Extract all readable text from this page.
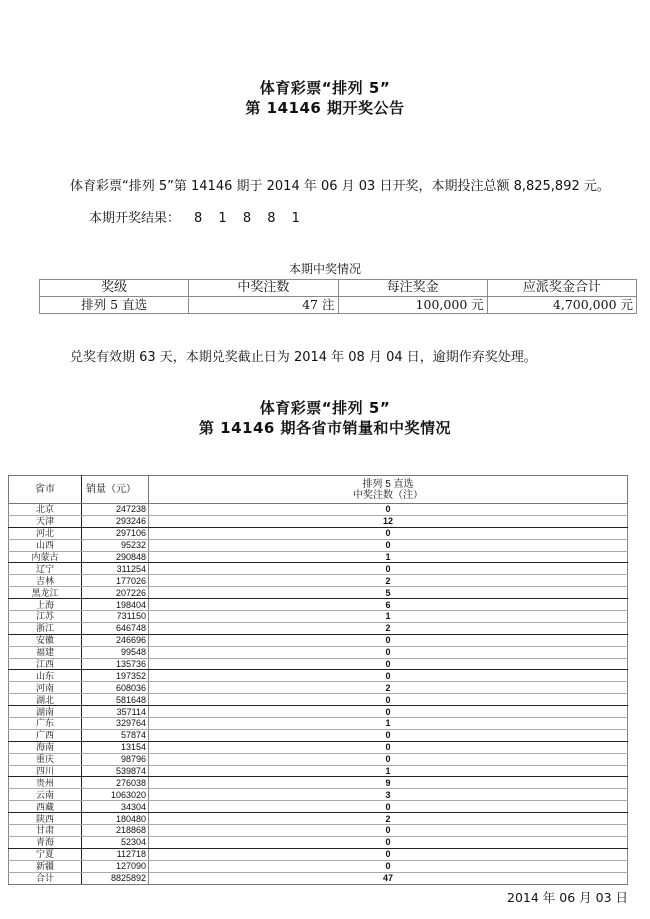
体育彩票“排列 5”
第 14146 期开奖公告
体育彩票“排列 5”第 14146 期于 2014 年 06 月 03 日开奖，本期投注总额 8,825,892 元。
本期开奖结果： 8 1 8 8 1
本期中奖情况
奖级	中奖注数	每注奖金	应派奖金合计
排列 5 直选	47 注	100,000 元	4,700,000 元
兑奖有效期 63 天，本期兑奖截止日为 2014 年 08 月 04 日，逾期作弃奖处理。
体育彩票“排列 5”
第 14146 期各省市销量和中奖情况
省市	销量（元）	排列 5 直选
中奖注数（注）

北京	247238	0
天津	293246	12
河北	297106	0
山西	95232	0
内蒙古	290848	1
辽宁	311254	0
吉林	177026	2
黑龙江	207226	5
上海	198404	6
江苏	731150	1
浙江	646748	2
安徽	246696	0
福建	99548	0
江西	135736	0
山东	197352	0
河南	608036	2
湖北	581648	0
湖南	357114	0
广东	329764	1
广西	57874	0
海南	13154	0
重庆	98796	0
四川	539874	1
贵州	276038	9
云南	1063020	3
西藏	34304	0
陕西	180480	2
甘肃	218868	0
青海	52304	0
宁夏	112718	0
新疆	127090	0
合计	8825892	47
2014 年 06 月 03 日
